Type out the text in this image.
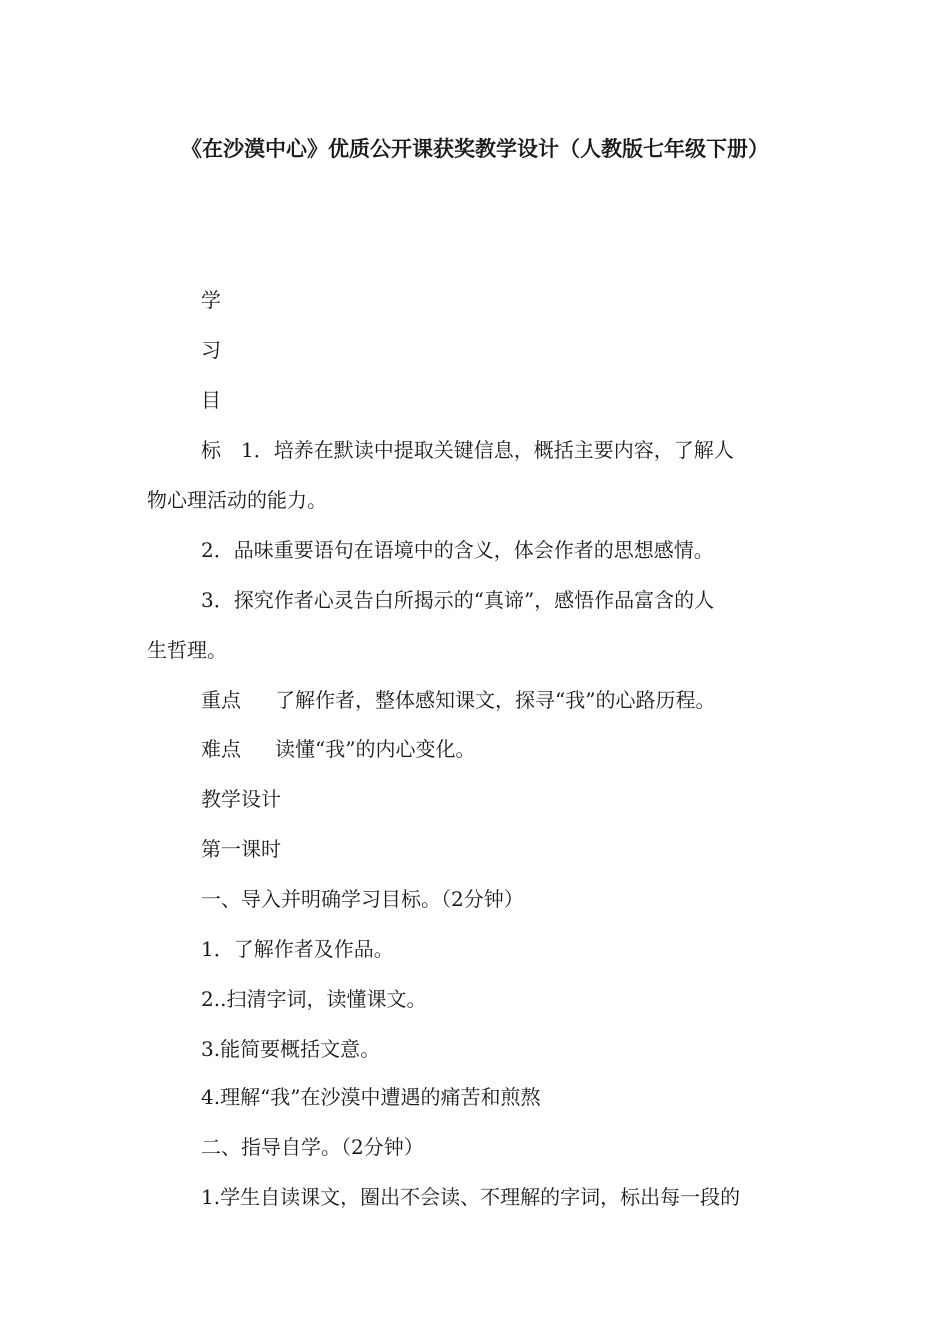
《在沙漠中心》优质公开课获奖教学设计（人教版七年级下册）
学
习
目
标 1．培养在默读中提取关键信息，概括主要内容，了解人
物心理活动的能力。
2．品味重要语句在语境中的含义，体会作者的思想感情。
3．探究作者心灵告白所揭示的“真谛”，感悟作品富含的人
生哲理。
重点 了解作者，整体感知课文，探寻“我”的心路历程。
难点 读懂“我”的内心变化。
教学设计
第一课时
一、导入并明确学习目标。（2分钟）
1．了解作者及作品。
2..扫清字词，读懂课文。
3.能简要概括文意。
4.理解“我”在沙漠中遭遇的痛苦和煎熬
二、指导自学。（2分钟）
1.学生自读课文，圈出不会读、不理解的字词，标出每一段的
